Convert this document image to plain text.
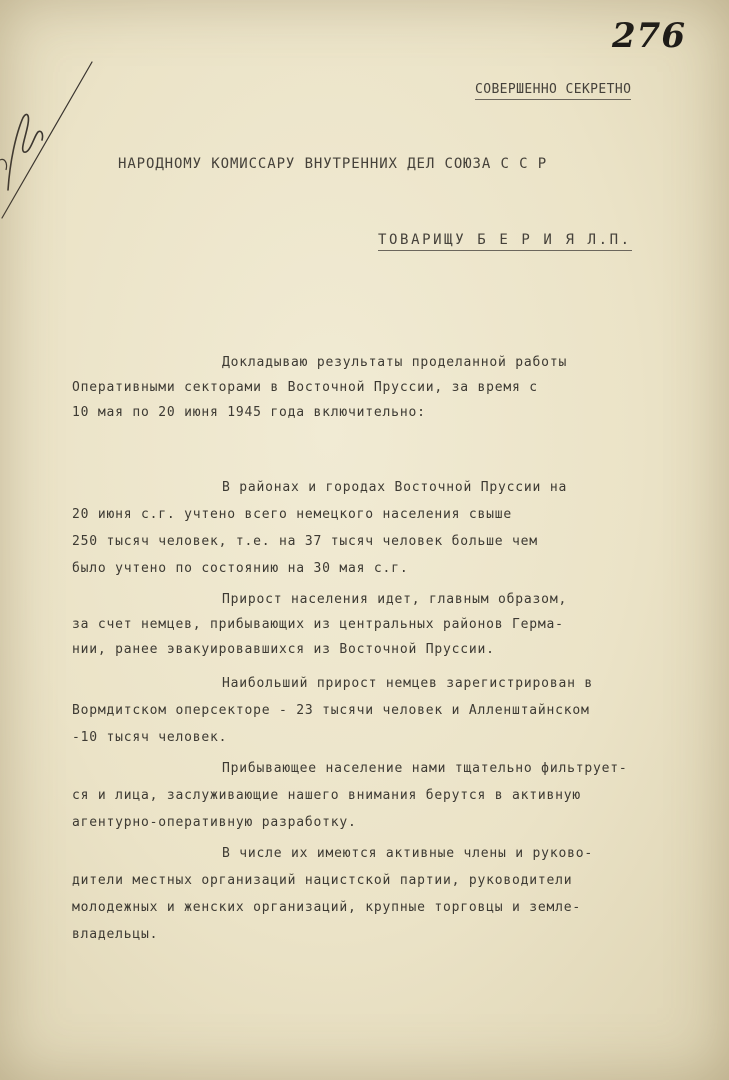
276
СОВЕРШЕННО СЕКРЕТНО
НАРОДНОМУ КОМИССАРУ ВНУТРЕННИХ ДЕЛ СОЮЗА С С Р
ТОВАРИЩУ Б Е Р И Я Л.П.

Докладываю результаты проделанной работы
Оперативными секторами в Восточной Пруссии, за время с
10 мая по 20 июня 1945 года включительно:

В районах и городах Восточной Пруссии на
20 июня с.г. учтено всего немецкого населения свыше
250 тысяч человек, т.е. на 37 тысяч человек больше чем
было учтено по состоянию на 30 мая с.г.

Прирост населения идет, главным образом,
за счет немцев, прибывающих из центральных районов Герма-
нии, ранее эвакуировавшихся из Восточной Пруссии.

Наибольший прирост немцев зарегистрирован в
Вормдитском оперсекторе - 23 тысячи человек и Алленштайнском
-10 тысяч человек.

Прибывающее население нами тщательно фильтрует-
ся и лица, заслуживающие нашего внимания берутся в активную
агентурно-оперативную разработку.

В числе их имеются активные члены и руково-
дители местных организаций нацистской партии, руководители
молодежных и женских организаций, крупные торговцы и земле-
владельцы.
